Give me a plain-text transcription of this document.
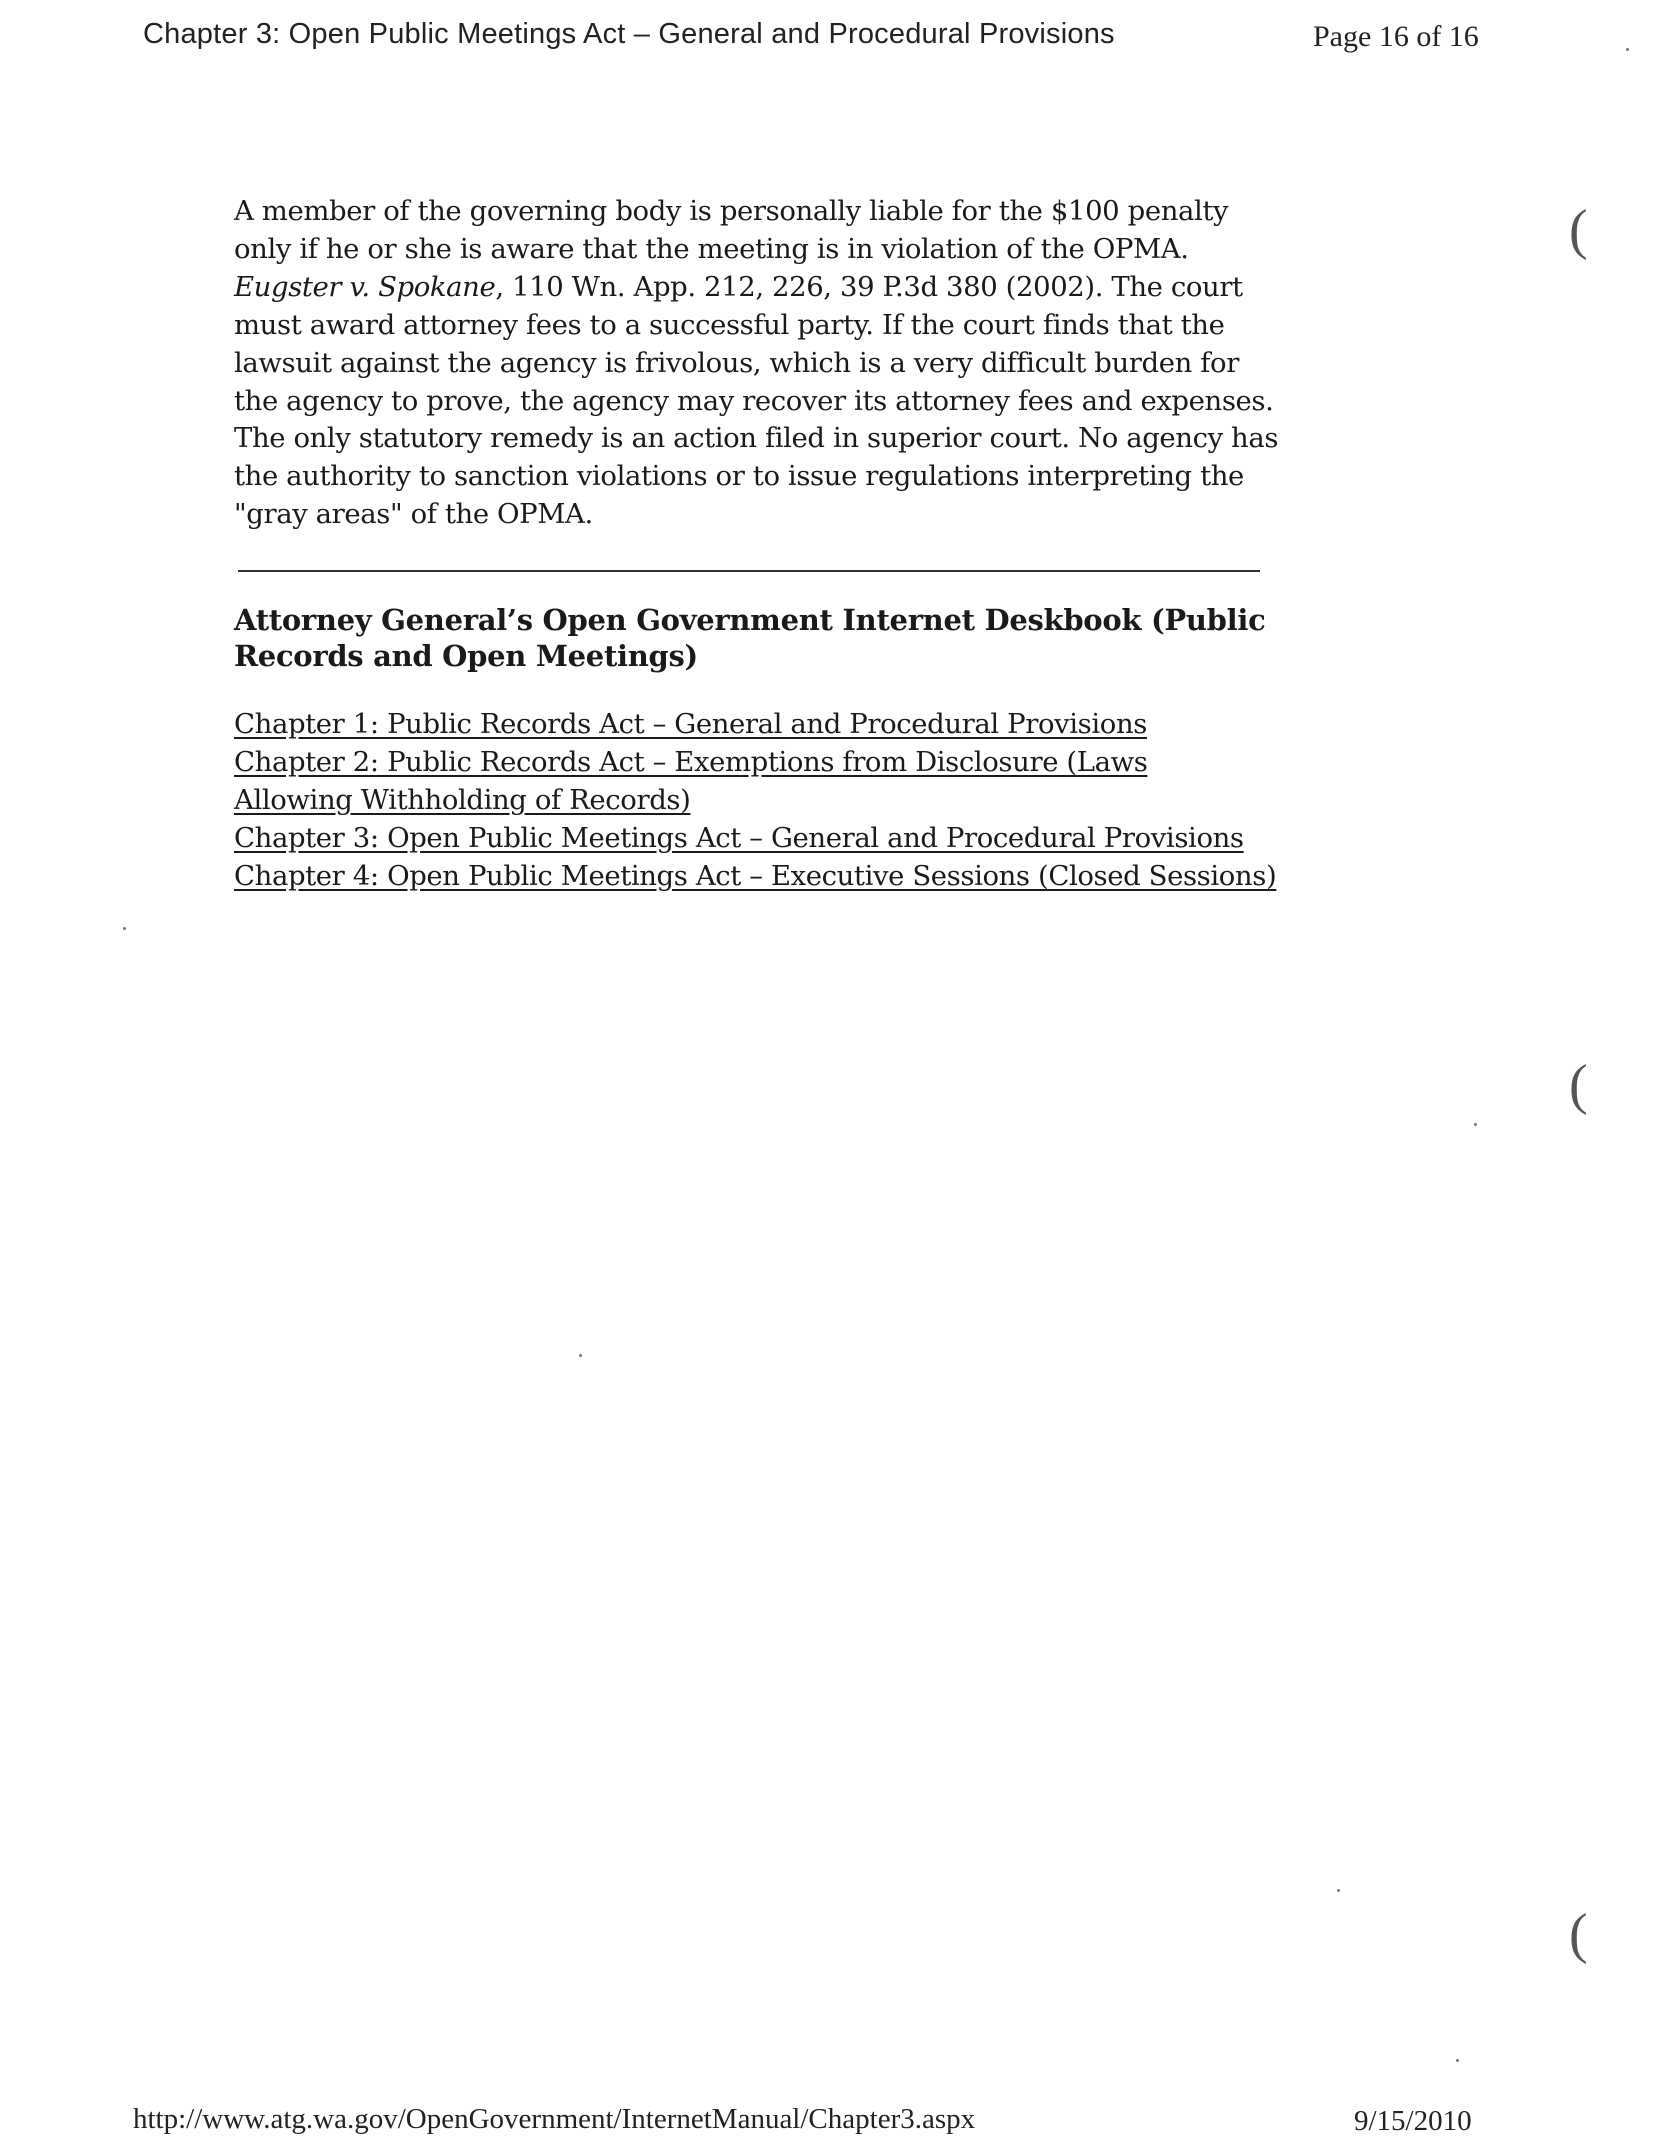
Chapter 3: Open Public Meetings Act – General and Procedural Provisions	Page 16 of 16

A member of the governing body is personally liable for the $100 penalty
only if he or she is aware that the meeting is in violation of the OPMA.
Eugster v. Spokane, 110 Wn. App. 212, 226, 39 P.3d 380 (2002). The court
must award attorney fees to a successful party. If the court finds that the
lawsuit against the agency is frivolous, which is a very difficult burden for
the agency to prove, the agency may recover its attorney fees and expenses.
The only statutory remedy is an action filed in superior court. No agency has
the authority to sanction violations or to issue regulations interpreting the
"gray areas" of the OPMA.

Attorney General’s Open Government Internet Deskbook (Public
Records and Open Meetings)
Chapter 1: Public Records Act – General and Procedural Provisions
Chapter 2: Public Records Act – Exemptions from Disclosure (Laws
Allowing Withholding of Records)
Chapter 3: Open Public Meetings Act – General and Procedural Provisions
Chapter 4: Open Public Meetings Act – Executive Sessions (Closed Sessions)
(
(
(
http://www.atg.wa.gov/OpenGovernment/InternetManual/Chapter3.aspx	9/15/2010
